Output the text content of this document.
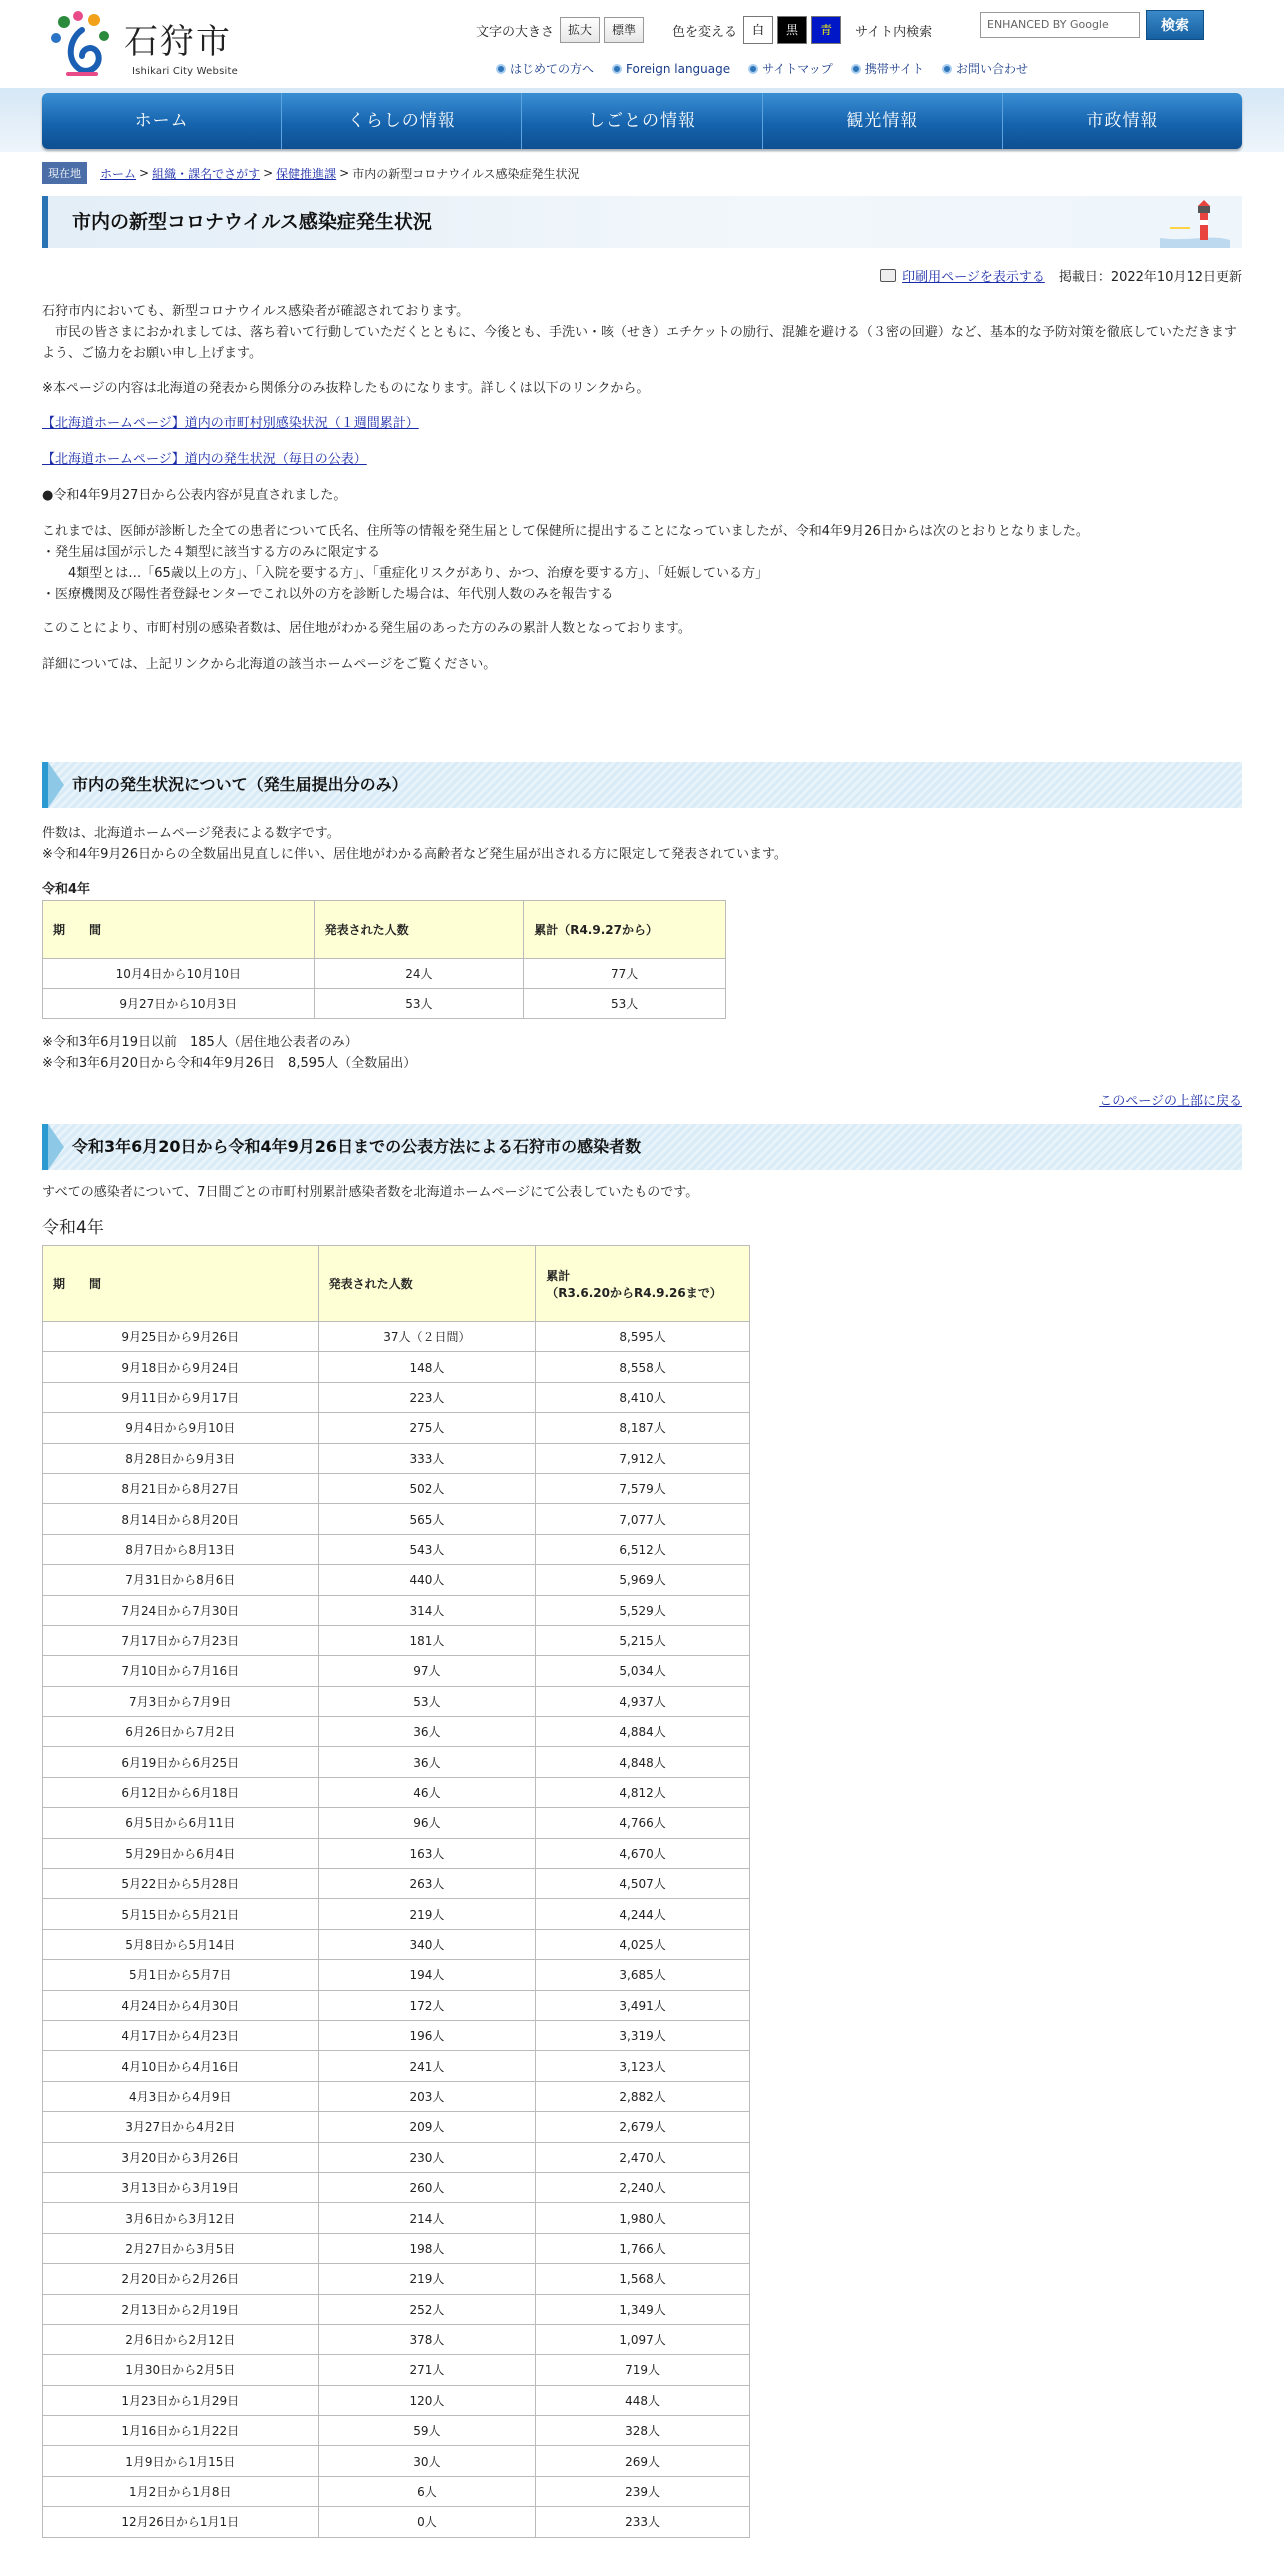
石狩市
Ishikari City Website
文字の大きさ	拡大	標準	色を変える	白	黒	青	サイト内検索	ENHANCED BY Google	検索
はじめての方へ	Foreign language	サイトマップ	携帯サイト	お問い合わせ
ホーム	くらしの情報	しごとの情報	観光情報	市政情報
現在地	ホーム > 組織・課名でさがす > 保健推進課 > 市内の新型コロナウイルス感染症発生状況
市内の新型コロナウイルス感染症発生状況
印刷用ページを表示する 掲載日：2022年10月12日更新

石狩市内においても、新型コロナウイルス感染者が確認されております。

　市民の皆さまにおかれましては、落ち着いて行動していただくとともに、今後とも、手洗い・咳（せき）エチケットの励行、混雑を避ける（３密の回避）など、基本的な予防対策を徹底していただきますよう、ご協力をお願い申し上げます。

※本ページの内容は北海道の発表から関係分のみ抜粋したものになります。詳しくは以下のリンクから。
【北海道ホームページ】道内の市町村別感染状況（１週間累計）
【北海道ホームページ】道内の発生状況（毎日の公表）
●令和4年9月27日から公表内容が見直されました。

これまでは、医師が診断した全ての患者について氏名、住所等の情報を発生届として保健所に提出することになっていましたが、令和4年9月26日からは次のとおりとなりました。

・発生届は国が示した４類型に該当する方のみに限定する

　　4類型とは…「65歳以上の方」、「入院を要する方」、「重症化リスクがあり、かつ、治療を要する方」、「妊娠している方」

・医療機関及び陽性者登録センターでこれ以外の方を診断した場合は、年代別人数のみを報告する

このことにより、市町村別の感染者数は、居住地がわかる発生届のあった方のみの累計人数となっております。
詳細については、上記リンクから北海道の該当ホームページをご覧ください。
市内の発生状況について（発生届提出分のみ）

件数は、北海道ホームページ発表による数字です。

※令和4年9月26日からの全数届出見直しに伴い、居住地がわかる高齢者など発生届が出される方に限定して発表されています。

令和4年
期　　間	発表された人数	累計（R4.9.27から）
10月4日から10月10日	24人	77人
9月27日から10月3日	53人	53人

※令和3年6月19日以前　185人（居住地公表者のみ）

※令和3年6月20日から令和4年9月26日　8,595人（全数届出）

このページの上部に戻る
令和3年6月20日から令和4年9月26日までの公表方法による石狩市の感染者数
すべての感染者について、7日間ごとの市町村別累計感染者数を北海道ホームページにて公表していたものです。
令和4年
期　　間	発表された人数	累計
（R3.6.20からR4.9.26まで）

9月25日から9月26日	37人（２日間）	8,595人
9月18日から9月24日	148人	8,558人
9月11日から9月17日	223人	8,410人
9月4日から9月10日	275人	8,187人
8月28日から9月3日	333人	7,912人
8月21日から8月27日	502人	7,579人
8月14日から8月20日	565人	7,077人
8月7日から8月13日	543人	6,512人
7月31日から8月6日	440人	5,969人
7月24日から7月30日	314人	5,529人
7月17日から7月23日	181人	5,215人
7月10日から7月16日	97人	5,034人
7月3日から7月9日	53人	4,937人
6月26日から7月2日	36人	4,884人
6月19日から6月25日	36人	4,848人
6月12日から6月18日	46人	4,812人
6月5日から6月11日	96人	4,766人
5月29日から6月4日	163人	4,670人
5月22日から5月28日	263人	4,507人
5月15日から5月21日	219人	4,244人
5月8日から5月14日	340人	4,025人
5月1日から5月7日	194人	3,685人
4月24日から4月30日	172人	3,491人
4月17日から4月23日	196人	3,319人
4月10日から4月16日	241人	3,123人
4月3日から4月9日	203人	2,882人
3月27日から4月2日	209人	2,679人
3月20日から3月26日	230人	2,470人
3月13日から3月19日	260人	2,240人
3月6日から3月12日	214人	1,980人
2月27日から3月5日	198人	1,766人
2月20日から2月26日	219人	1,568人
2月13日から2月19日	252人	1,349人
2月6日から2月12日	378人	1,097人
1月30日から2月5日	271人	719人
1月23日から1月29日	120人	448人
1月16日から1月22日	59人	328人
1月9日から1月15日	30人	269人
1月2日から1月8日	6人	239人
12月26日から1月1日	0人	233人
